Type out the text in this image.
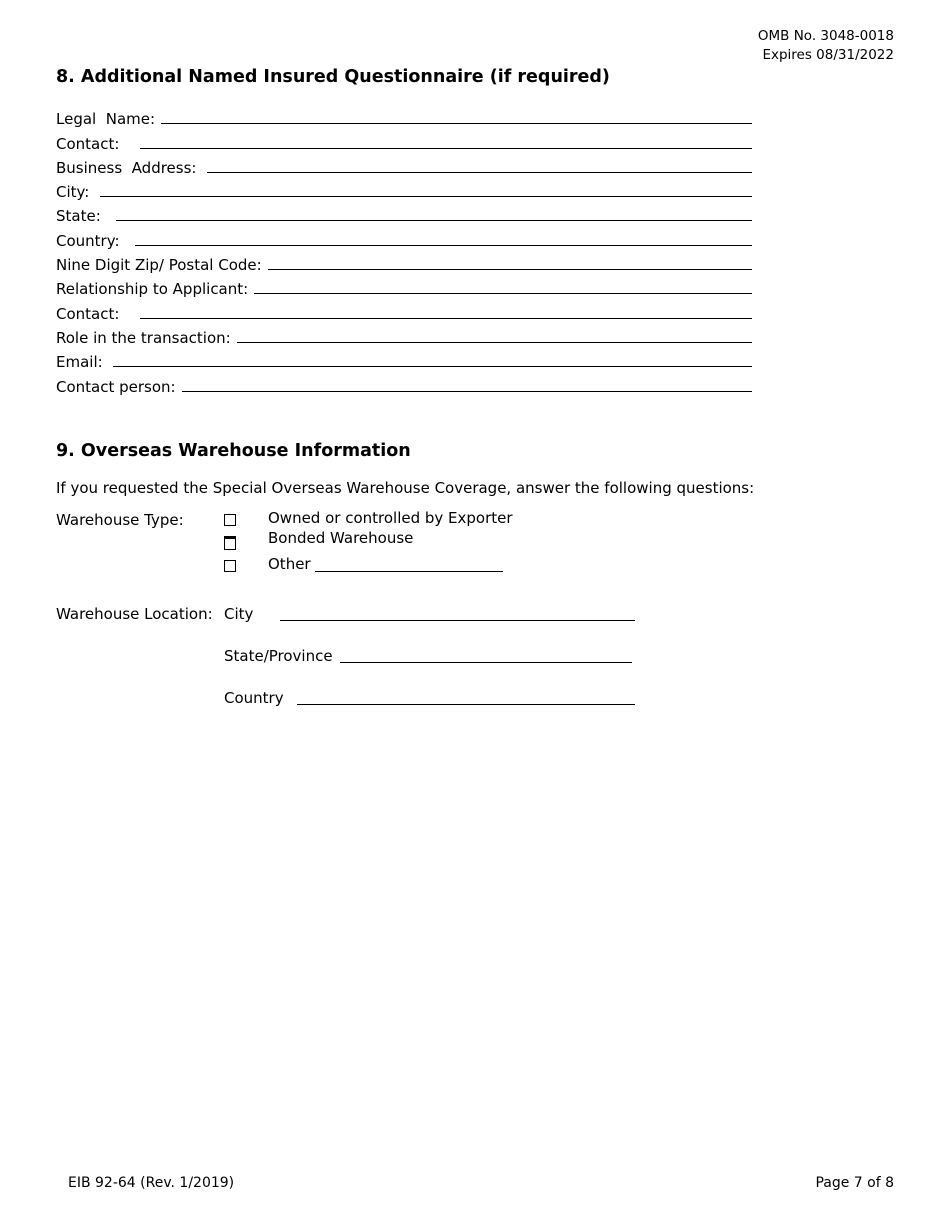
OMB No. 3048-0018
Expires 08/31/2022
8. Additional Named Insured Questionnaire (if required)
Legal  Name:
Contact:
Business  Address:
City:
State:
Country:
Nine Digit Zip/ Postal Code:
Relationship to Applicant:
Contact:
Role in the transaction:
Email:
Contact person:
9. Overseas Warehouse Information
If you requested the Special Overseas Warehouse Coverage, answer the following questions:
Warehouse Type:	Owned or controlled by Exporter
Bonded Warehouse
Other
Warehouse Location: City
State/Province
Country
EIB 92-64 (Rev. 1/2019)	Page 7 of 8
